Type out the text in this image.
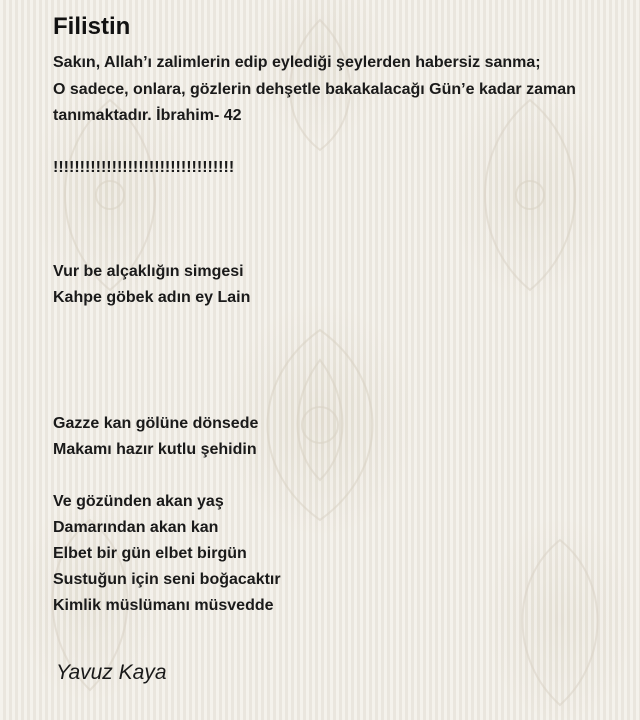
Filistin
Sakın, Allah’ı zalimlerin edip eylediği şeylerden habersiz sanma;
O sadece, onlara, gözlerin dehşetle bakakalacağı Gün’e kadar zaman
tanımaktadır. İbrahim- 42
!!!!!!!!!!!!!!!!!!!!!!!!!!!!!!!!!!
Vur be alçaklığın simgesi
Kahpe göbek adın ey Lain
Gazze kan gölüne dönsede
Makamı hazır kutlu şehidin
Ve gözünden akan yaş
Damarından akan kan
Elbet bir gün elbet birgün
Sustuğun için seni boğacaktır
Kimlik müslümanı müsvedde
Yavuz Kaya
